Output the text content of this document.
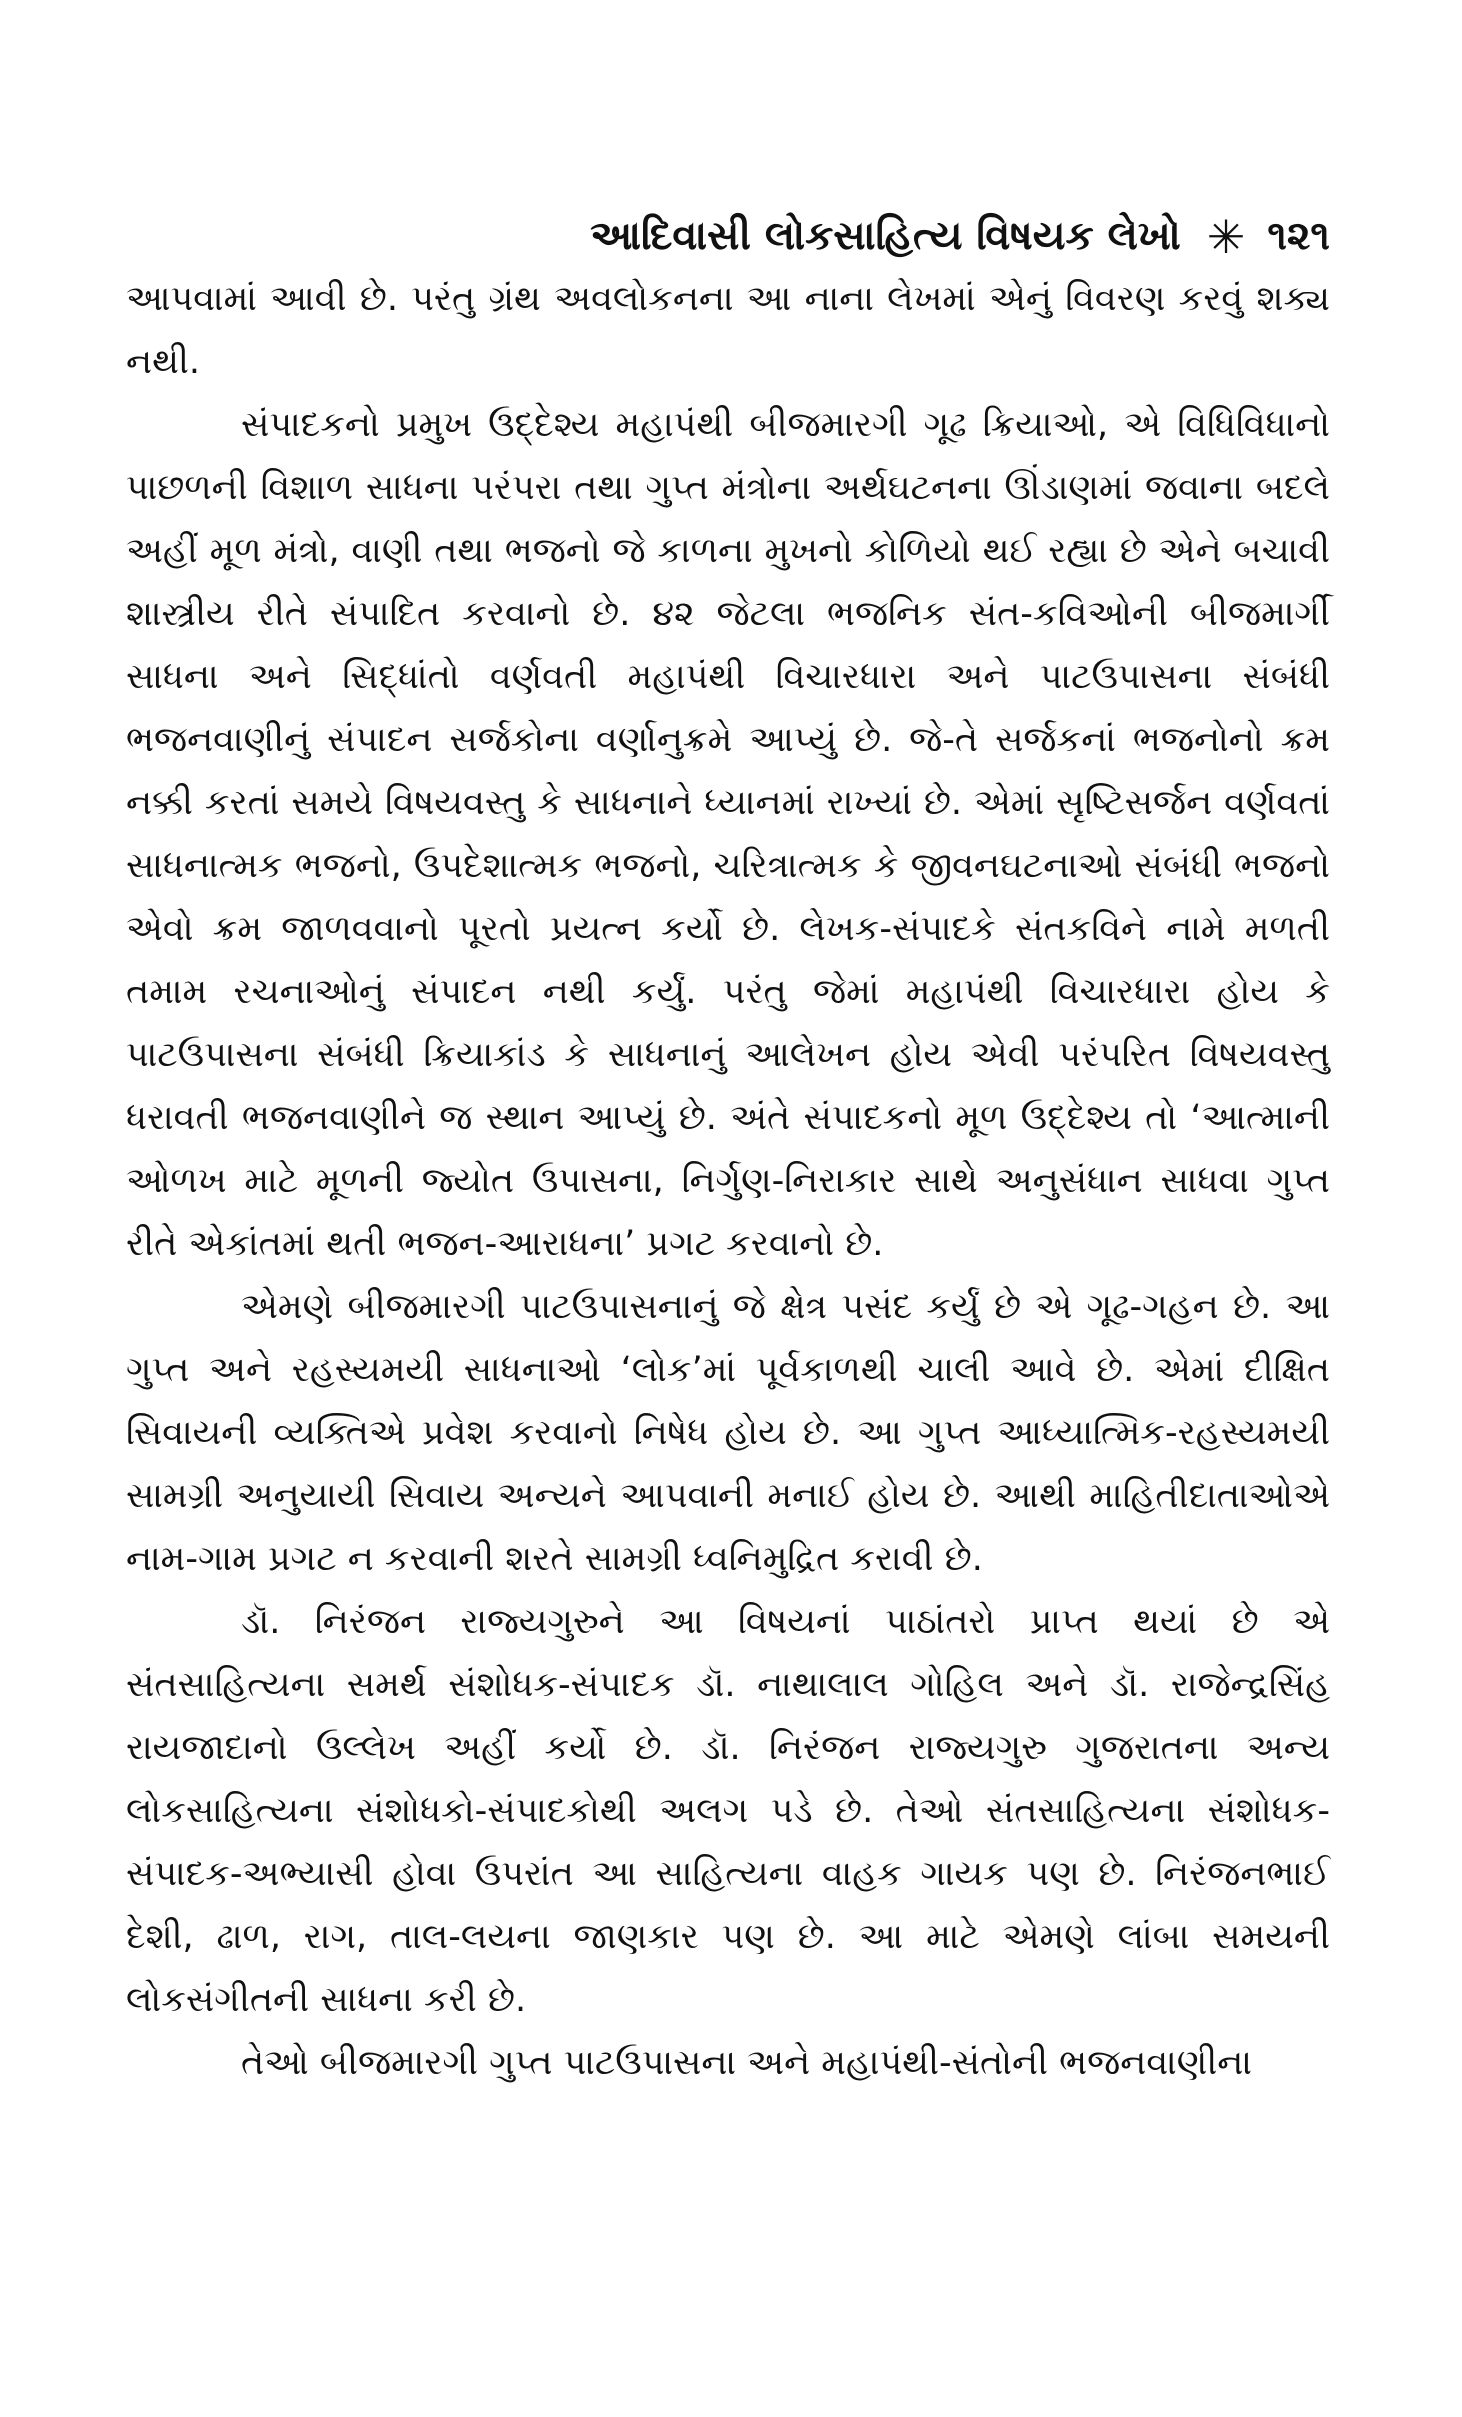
આદિવાસી લોકસાહિત્ય વિષયક લેખો ✳ ૧૨૧

આપવામાં આવી છે. પરંતુ ગ્રંથ અવલોકનના આ નાના લેખમાં એનું વિવરણ કરવું શક્ય નથી.

સંપાદકનો પ્રમુખ ઉદ્દેશ્ય મહાપંથી બીજમારગી ગૂઢ ક્રિયાઓ, એ વિધિવિધાનો પાછળની વિશાળ સાધના પરંપરા તથા ગુપ્ત મંત્રોના અર્થઘટનના ઊંડાણમાં જવાના બદલે અહીં મૂળ મંત્રો, વાણી તથા ભજનો જે કાળના મુખનો કોળિયો થઈ રહ્યા છે એને બચાવી શાસ્ત્રીય રીતે સંપાદિત કરવાનો છે. ૪૨ જેટલા ભજનિક સંત-કવિઓની બીજમાર્ગી સાધના અને સિદ્ધાંતો વર્ણવતી મહાપંથી વિચારધારા અને પાટઉપાસના સંબંધી ભજનવાણીનું સંપાદન સર્જકોના વર્ણાનુક્રમે આપ્યું છે. જે-તે સર્જકનાં ભજનોનો ક્રમ નક્કી કરતાં સમયે વિષયવસ્તુ કે સાધનાને ધ્યાનમાં રાખ્યાં છે. એમાં સૃષ્ટિસર્જન વર્ણવતાં સાધનાત્મક ભજનો, ઉપદેશાત્મક ભજનો, ચરિત્રાત્મક કે જીવનઘટનાઓ સંબંધી ભજનો એવો ક્રમ જાળવવાનો પૂરતો પ્રયત્ન કર્યો છે. લેખક-સંપાદકે સંતકવિને નામે મળતી તમામ રચનાઓનું સંપાદન નથી કર્યું. પરંતુ જેમાં મહાપંથી વિચારધારા હોય કે પાટઉપાસના સંબંધી ક્રિયાકાંડ કે સાધનાનું આલેખન હોય એવી પરંપરિત વિષયવસ્તુ ધરાવતી ભજનવાણીને જ સ્થાન આપ્યું છે. અંતે સંપાદકનો મૂળ ઉદ્દેશ્ય તો ‘આત્માની ઓળખ માટે મૂળની જ્યોત ઉપાસના, નિર્ગુણ-નિરાકાર સાથે અનુસંધાન સાધવા ગુપ્ત રીતે એકાંતમાં થતી ભજન-આરાધના’ પ્રગટ કરવાનો છે.

એમણે બીજમારગી પાટઉપાસનાનું જે ક્ષેત્ર પસંદ કર્યું છે એ ગૂઢ-ગહન છે. આ ગુપ્ત અને રહસ્યમયી સાધનાઓ ‘લોક’માં પૂર્વકાળથી ચાલી આવે છે. એમાં દીક્ષિત સિવાયની વ્યક્તિએ પ્રવેશ કરવાનો નિષેધ હોય છે. આ ગુપ્ત આધ્યાત્મિક-રહસ્યમયી સામગ્રી અનુયાયી સિવાય અન્યને આપવાની મનાઈ હોય છે. આથી માહિતીદાતાઓએ નામ-ગામ પ્રગટ ન કરવાની શરતે સામગ્રી ધ્વનિમુદ્રિત કરાવી છે.

ડૉ. નિરંજન રાજ્યગુરુને આ વિષયનાં પાઠાંતરો પ્રાપ્ત થયાં છે એ સંતસાહિત્યના સમર્થ સંશોધક-સંપાદક ડૉ. નાથાલાલ ગોહિલ અને ડૉ. રાજેન્દ્રસિંહ રાયજાદાનો ઉલ્લેખ અહીં કર્યો છે. ડૉ. નિરંજન રાજ્યગુરુ ગુજરાતના અન્ય લોકસાહિત્યના સંશોધકો-સંપાદકોથી અલગ પડે છે. તેઓ સંતસાહિત્યના સંશોધક-સંપાદક-અભ્યાસી હોવા ઉપરાંત આ સાહિત્યના વાહક ગાયક પણ છે. નિરંજનભાઈ દેશી, ઢાળ, રાગ, તાલ-લયના જાણકાર પણ છે. આ માટે એમણે લાંબા સમયની લોકસંગીતની સાધના કરી છે.

તેઓ બીજમારગી ગુપ્ત પાટઉપાસના અને મહાપંથી-સંતોની ભજનવાણીના
